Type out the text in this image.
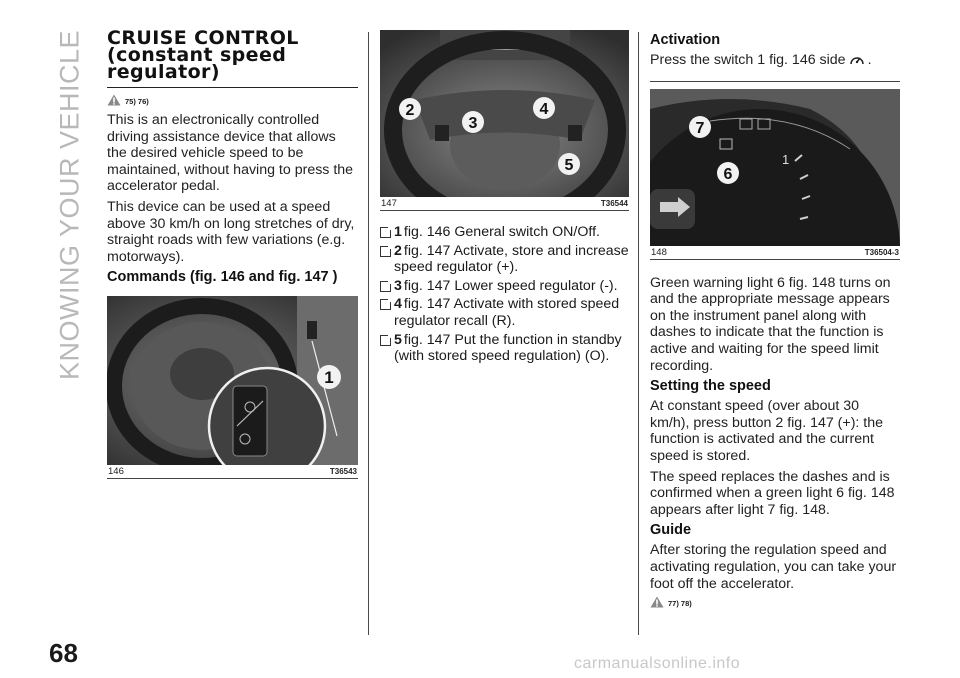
KNOWING YOUR VEHICLE
68	carmanualsonline.info
CRUISE CONTROL
(constant speed
regulator)
75) 76)

This is an electronically controlled driving assistance device that allows the desired vehicle speed to be maintained, without having to press the accelerator pedal.

This device can be used at a speed above 30 km/h on long stretches of dry, straight roads with few variations (e.g. motorways).

Commands (fig. 146 and fig. 147 )
1
146	T36543
2
3
4
5
147	T36544
1 fig. 146 General switch ON/Off.
2 fig. 147 Activate, store and increase speed regulator (+).
3 fig. 147 Lower speed regulator (-).
4 fig. 147 Activate with stored speed regulator recall (R).
5 fig. 147 Put the function in standby (with stored speed regulation) (O).
Activation

Press the switch 1 fig. 146 side .

1
7
6
148	T36504-3

Green warning light 6 fig. 148 turns on and the appropriate message appears on the instrument panel along with dashes to indicate that the function is active and waiting for the speed limit recording.

Setting the speed

At constant speed (over about 30 km/h), press button 2 fig. 147 (+): the function is activated and the current speed is stored.

The speed replaces the dashes and is confirmed when a green light 6 fig. 148 appears after light 7 fig. 148.

Guide

After storing the regulation speed and activating regulation, you can take your foot off the accelerator.

77) 78)
